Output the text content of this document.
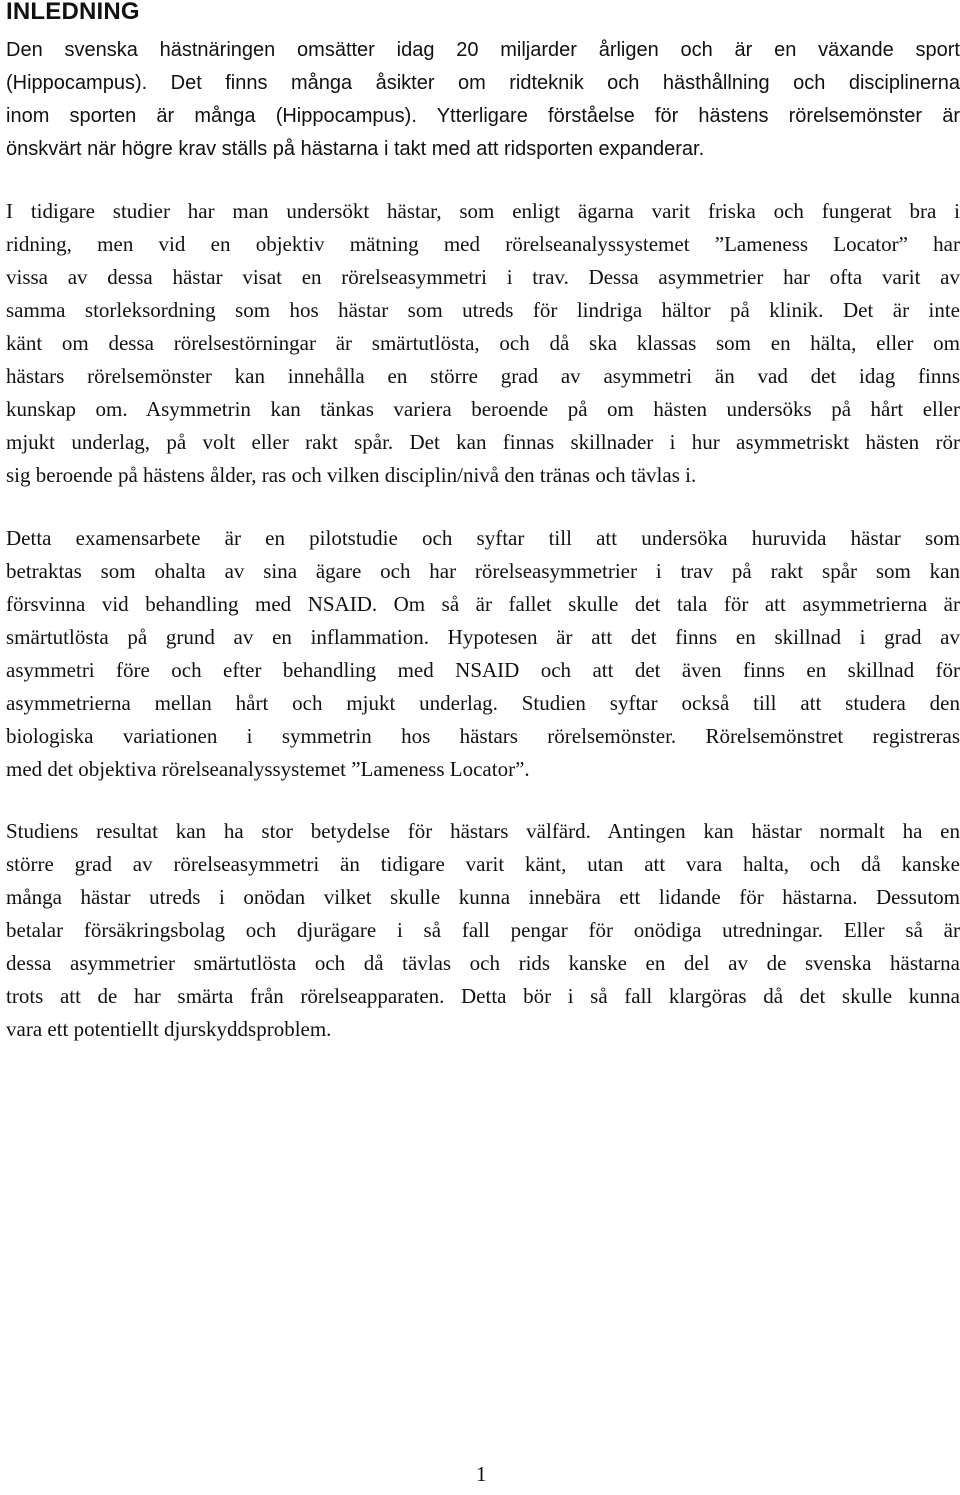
INLEDNING

Den svenska hästnäringen omsätter idag 20 miljarder årligen och är en växande sport
(Hippocampus). Det finns många åsikter om ridteknik och hästhållning och disciplinerna
inom sporten är många (Hippocampus). Ytterligare förståelse för hästens rörelsemönster är
önskvärt när högre krav ställs på hästarna i takt med att ridsporten expanderar.

I tidigare studier har man undersökt hästar, som enligt ägarna varit friska och fungerat bra i
ridning, men vid en objektiv mätning med rörelseanalyssystemet ”Lameness Locator” har
vissa av dessa hästar visat en rörelseasymmetri i trav. Dessa asymmetrier har ofta varit av
samma storleksordning som hos hästar som utreds för lindriga hältor på klinik. Det är inte
känt om dessa rörelsestörningar är smärtutlösta, och då ska klassas som en hälta, eller om
hästars rörelsemönster kan innehålla en större grad av asymmetri än vad det idag finns
kunskap om. Asymmetrin kan tänkas variera beroende på om hästen undersöks på hårt eller
mjukt underlag, på volt eller rakt spår. Det kan finnas skillnader i hur asymmetriskt hästen rör
sig beroende på hästens ålder, ras och vilken disciplin/nivå den tränas och tävlas i.

Detta examensarbete är en pilotstudie och syftar till att undersöka huruvida hästar som
betraktas som ohalta av sina ägare och har rörelseasymmetrier i trav på rakt spår som kan
försvinna vid behandling med NSAID. Om så är fallet skulle det tala för att asymmetrierna är
smärtutlösta på grund av en inflammation. Hypotesen är att det finns en skillnad i grad av
asymmetri före och efter behandling med NSAID och att det även finns en skillnad för
asymmetrierna mellan hårt och mjukt underlag. Studien syftar också till att studera den
biologiska variationen i symmetrin hos hästars rörelsemönster. Rörelsemönstret registreras
med det objektiva rörelseanalyssystemet ”Lameness Locator”.

Studiens resultat kan ha stor betydelse för hästars välfärd. Antingen kan hästar normalt ha en
större grad av rörelseasymmetri än tidigare varit känt, utan att vara halta, och då kanske
många hästar utreds i onödan vilket skulle kunna innebära ett lidande för hästarna. Dessutom
betalar försäkringsbolag och djurägare i så fall pengar för onödiga utredningar. Eller så är
dessa asymmetrier smärtutlösta och då tävlas och rids kanske en del av de svenska hästarna
trots att de har smärta från rörelseapparaten. Detta bör i så fall klargöras då det skulle kunna
vara ett potentiellt djurskyddsproblem.

1
